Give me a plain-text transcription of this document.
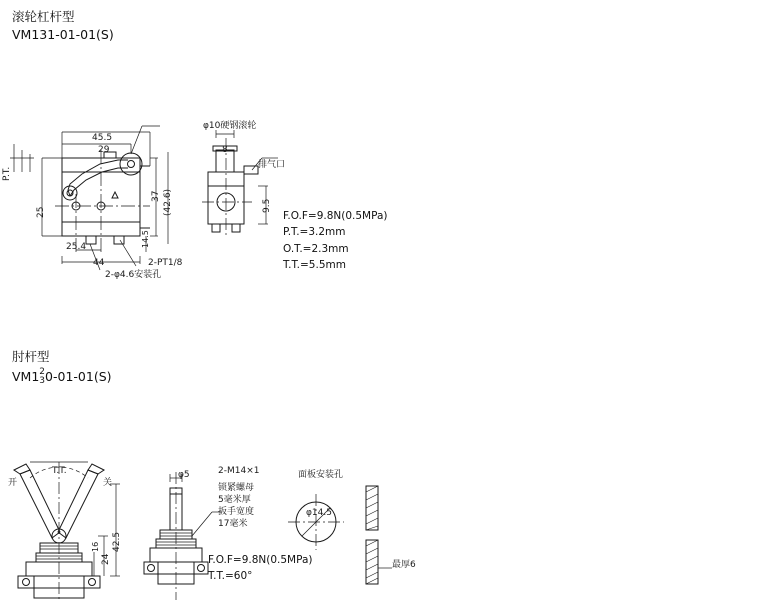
滚轮杠杆型
VM131-01-01(S)
45.5
29
25
P.T.
25.4
44
37 (42.6)
14.5
φ10硬钢滚轮
2-PT1/8
2-φ4.6安装孔
8
9.5
排气口
F.O.F=9.8N(0.5MPa)
P.T.=3.2mm
O.T.=2.3mm
T.T.=5.5mm
肘杆型
VM1 2
3 0-01-01(S)
T.T.
开	关
42.5
24
16
φ5	2-M14×1
锁紧螺母
5毫米厚
扳手宽度
17毫米
F.O.F=9.8N(0.5MPa)
T.T.=60°
面板安装孔
φ14.5
最厚6
